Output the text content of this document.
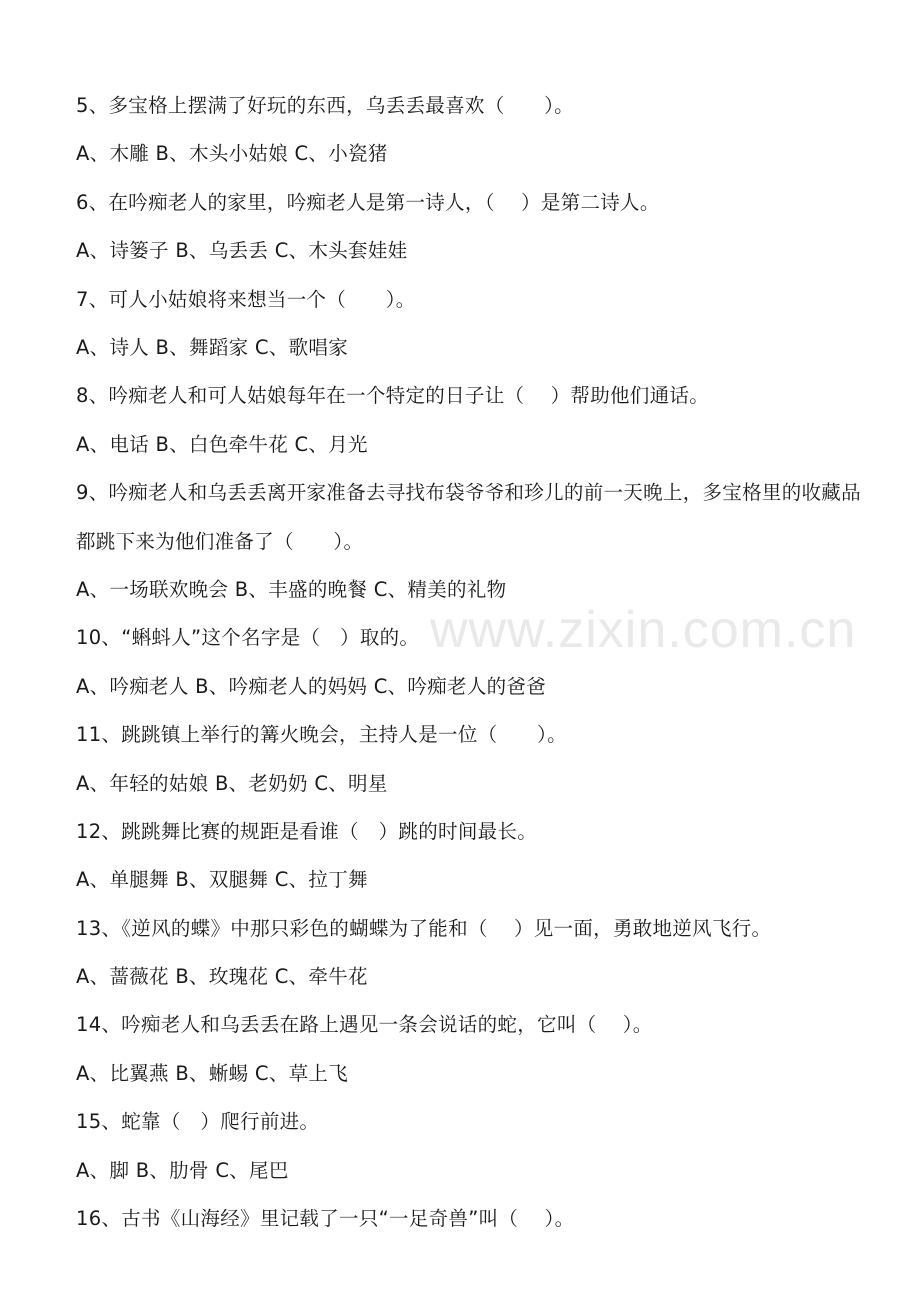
www.zixin.com.cn
5、多宝格上摆满了好玩的东西，乌丢丢最喜欢（　　）。
A、木雕 B、木头小姑娘 C、小瓷猪
6、在吟痴老人的家里，吟痴老人是第一诗人，（　 ）是第二诗人。
A、诗篓子 B、乌丢丢 C、木头套娃娃
7、可人小姑娘将来想当一个（　　）。
A、诗人 B、舞蹈家 C、歌唱家
8、吟痴老人和可人姑娘每年在一个特定的日子让（　 ）帮助他们通话。
A、电话 B、白色牵牛花 C、月光
9、吟痴老人和乌丢丢离开家准备去寻找布袋爷爷和珍儿的前一天晚上，多宝格里的收藏品都跳下来为他们准备了（　　）。
A、一场联欢晚会 B、丰盛的晚餐 C、精美的礼物
10、“蝌蚪人”这个名字是（　）取的。
A、吟痴老人 B、吟痴老人的妈妈 C、吟痴老人的爸爸
11、跳跳镇上举行的篝火晚会，主持人是一位（　　）。
A、年轻的姑娘 B、老奶奶 C、明星
12、跳跳舞比赛的规距是看谁（　）跳的时间最长。
A、单腿舞 B、双腿舞 C、拉丁舞
13、《逆风的蝶》中那只彩色的蝴蝶为了能和（　 ）见一面，勇敢地逆风飞行。
A、蔷薇花 B、玫瑰花 C、牵牛花
14、吟痴老人和乌丢丢在路上遇见一条会说话的蛇，它叫（　 ）。
A、比翼燕 B、蜥蜴 C、草上飞
15、蛇靠（　）爬行前进。
A、脚 B、肋骨 C、尾巴
16、古书《山海经》里记载了一只“一足奇兽”叫（　 ）。
